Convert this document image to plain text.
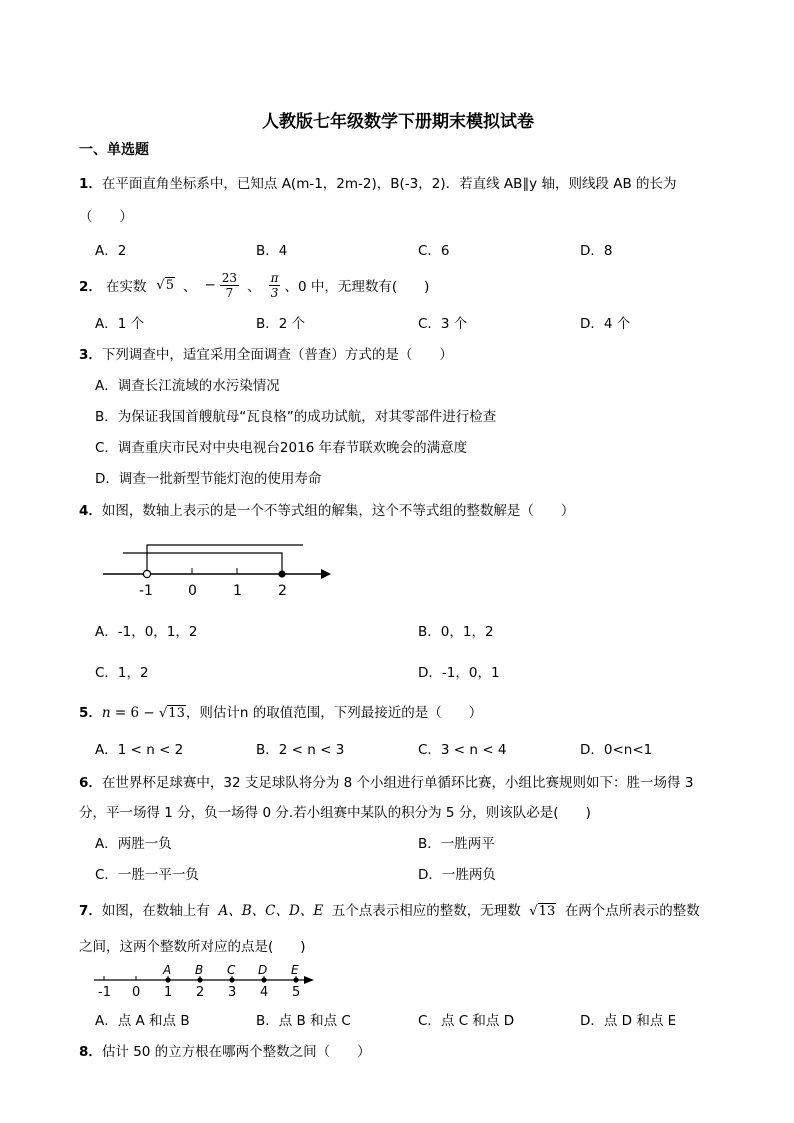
人教版七年级数学下册期末模拟试卷
一、单选题
1．在平面直角坐标系中，已知点 A(m-1，2m-2)，B(-3，2)．若直线 AB∥y 轴，则线段 AB 的长为
（　　）
A．2	B．4	C．6	D．8
2． 在实数 √5 、 − $\frac{23}{7}$ 、 $\frac{\pi}{3}$ 、0 中，无理数有(　　)
A．1 个	B．2 个	C．3 个	D．4 个
3．下列调查中，适宜采用全面调查（普查）方式的是（　　）
A．调查长江流域的水污染情况
B．为保证我国首艘航母“瓦良格”的成功试航，对其零部件进行检查
C．调查重庆市民对中央电视台2016 年春节联欢晚会的满意度
D．调查一批新型节能灯泡的使用寿命
4．如图，数轴上表示的是一个不等式组的解集，这个不等式组的整数解是（　　）
-1	0	1	2
A．-1，0，1，2	B．0，1，2
C．1，2	D．-1，0，1
5．n = 6 − √13，则估计n 的取值范围，下列最接近的是（　　）
A．1 < n < 2	B．2 < n < 3	C．3 < n < 4	D．0<n<1
6．在世界杯足球赛中，32 支足球队将分为 8 个小组进行单循环比赛，小组比赛规则如下：胜一场得 3
分，平一场得 1 分，负一场得 0 分.若小组赛中某队的积分为 5 分，则该队必是(　　)
A．两胜一负	B．一胜两平
C．一胜一平一负	D．一胜两负
7．如图，在数轴上有 A、B、C、D、E 五个点表示相应的整数，无理数 √13 在两个点所表示的整数
之间，这两个整数所对应的点是(　　)
A B C D E
-1 0 1 2 3 4 5
A．点 A 和点 B	B．点 B 和点 C	C．点 C 和点 D	D．点 D 和点 E
8．估计 50 的立方根在哪两个整数之间（　　）
